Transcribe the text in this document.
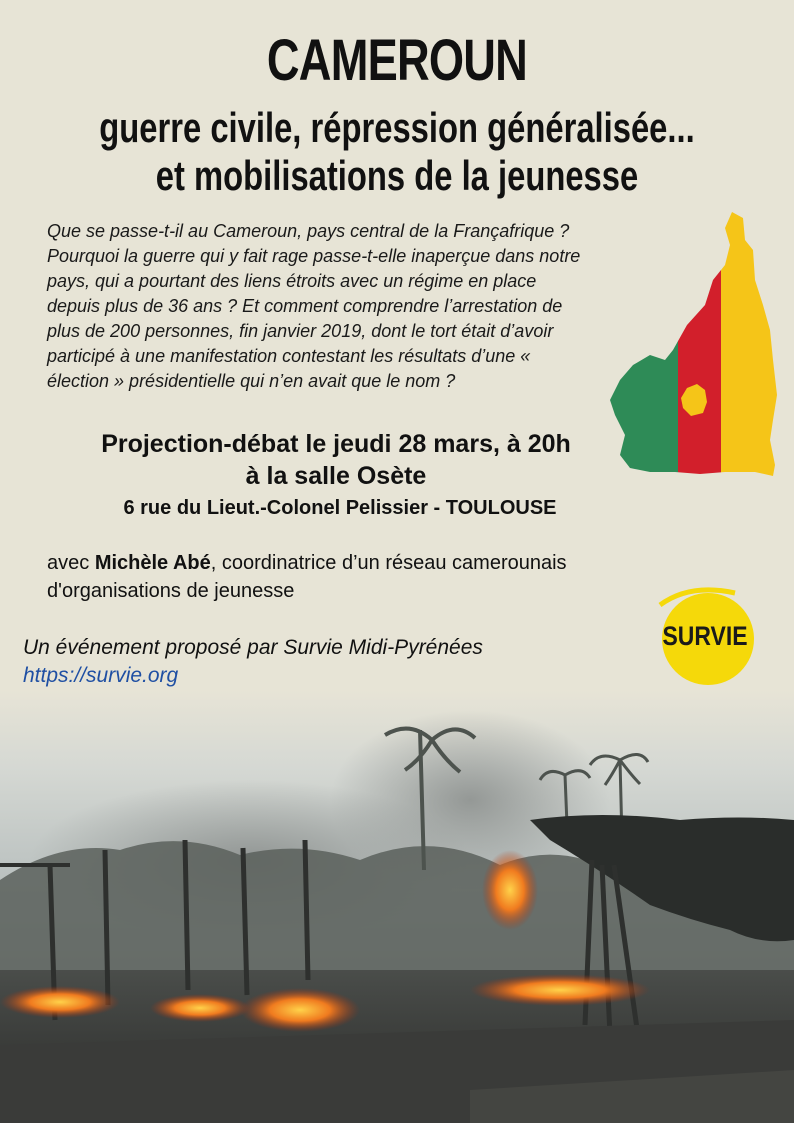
CAMEROUN
guerre civile, répression généralisée...
et mobilisations de la jeunesse
Que se passe-t-il au Cameroun, pays central de la Françafrique ?
Pourquoi la guerre qui y fait rage passe-t-elle inaperçue dans notre
pays, qui a pourtant des liens étroits avec un régime en place
depuis plus de 36 ans ? Et comment comprendre l’arrestation de
plus de 200 personnes, fin janvier 2019, dont le tort était d’avoir
participé à une manifestation contestant les résultats d’une «
élection » présidentielle qui n’en avait que le nom ?
Projection-débat le jeudi 28 mars, à 20h
à la salle Osète
6 rue du Lieut.-Colonel Pelissier - TOULOUSE
avec Michèle Abé, coordinatrice d’un réseau camerounais
d'organisations de jeunesse
SURVIE
Un événement proposé par Survie Midi-Pyrénées
https://survie.org
